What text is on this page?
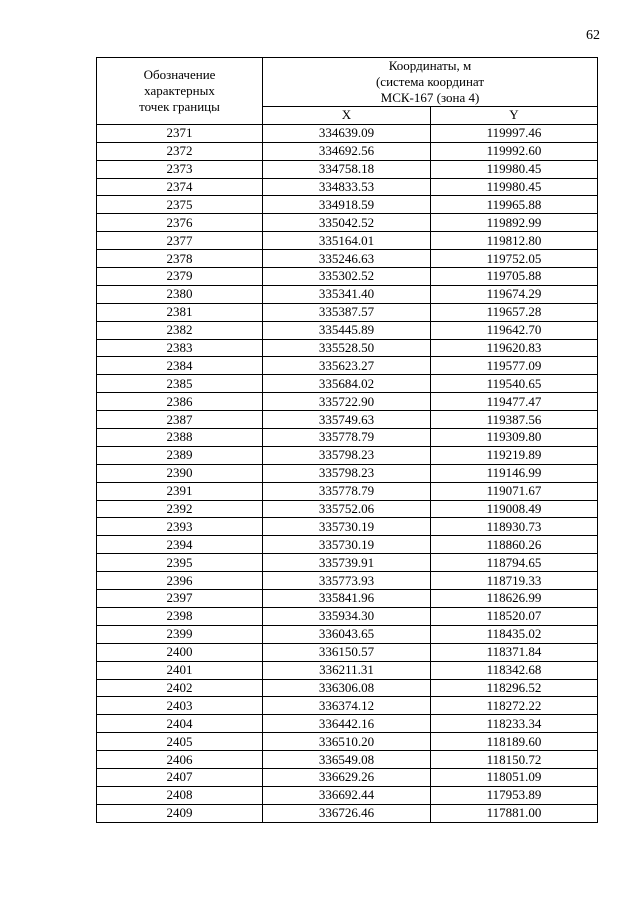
62
Обозначение
характерных
точек границы	Координаты, м
(система координат
МСК-167 (зона 4)	

	X	Y
2371	334639.09	119997.46
2372	334692.56	119992.60
2373	334758.18	119980.45
2374	334833.53	119980.45
2375	334918.59	119965.88
2376	335042.52	119892.99
2377	335164.01	119812.80
2378	335246.63	119752.05
2379	335302.52	119705.88
2380	335341.40	119674.29
2381	335387.57	119657.28
2382	335445.89	119642.70
2383	335528.50	119620.83
2384	335623.27	119577.09
2385	335684.02	119540.65
2386	335722.90	119477.47
2387	335749.63	119387.56
2388	335778.79	119309.80
2389	335798.23	119219.89
2390	335798.23	119146.99
2391	335778.79	119071.67
2392	335752.06	119008.49
2393	335730.19	118930.73
2394	335730.19	118860.26
2395	335739.91	118794.65
2396	335773.93	118719.33
2397	335841.96	118626.99
2398	335934.30	118520.07
2399	336043.65	118435.02
2400	336150.57	118371.84
2401	336211.31	118342.68
2402	336306.08	118296.52
2403	336374.12	118272.22
2404	336442.16	118233.34
2405	336510.20	118189.60
2406	336549.08	118150.72
2407	336629.26	118051.09
2408	336692.44	117953.89
2409	336726.46	117881.00
